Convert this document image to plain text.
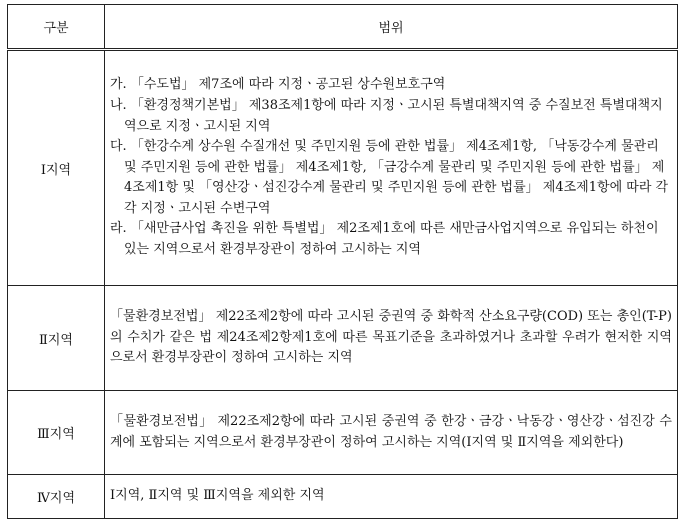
구분	범위
Ⅰ지역	가. 「수도법」 제7조에 따라 지정ㆍ공고된 상수원보호구역
나. 「환경정책기본법」 제38조제1항에 따라 지정ㆍ고시된 특별대책지역 중 수질보전 특별대책지역으로 지정ㆍ고시된 지역
다. 「한강수계 상수원 수질개선 및 주민지원 등에 관한 법률」 제4조제1항, 「낙동강수계 물관리 및 주민지원 등에 관한 법률」 제4조제1항, 「금강수계 물관리 및 주민지원 등에 관한 법률」 제4조제1항 및 「영산강ㆍ섬진강수계 물관리 및 주민지원 등에 관한 법률」 제4조제1항에 따라 각각 지정ㆍ고시된 수변구역
라. 「새만금사업 촉진을 위한 특별법」 제2조제1호에 따른 새만금사업지역으로 유입되는 하천이 있는 지역으로서 환경부장관이 정하여 고시하는 지역

Ⅱ지역	「물환경보전법」 제22조제2항에 따라 고시된 중권역 중 화학적 산소요구량(COD) 또는 총인(T-P)의 수치가 같은 법 제24조제2항제1호에 따른 목표기준을 초과하였거나 초과할 우려가 현저한 지역으로서 환경부장관이 정하여 고시하는 지역
Ⅲ지역	「물환경보전법」 제22조제2항에 따라 고시된 중권역 중 한강ㆍ금강ㆍ낙동강ㆍ영산강ㆍ섬진강 수계에 포함되는 지역으로서 환경부장관이 정하여 고시하는 지역(Ⅰ지역 및 Ⅱ지역을 제외한다)
Ⅳ지역	Ⅰ지역, Ⅱ지역 및 Ⅲ지역을 제외한 지역
